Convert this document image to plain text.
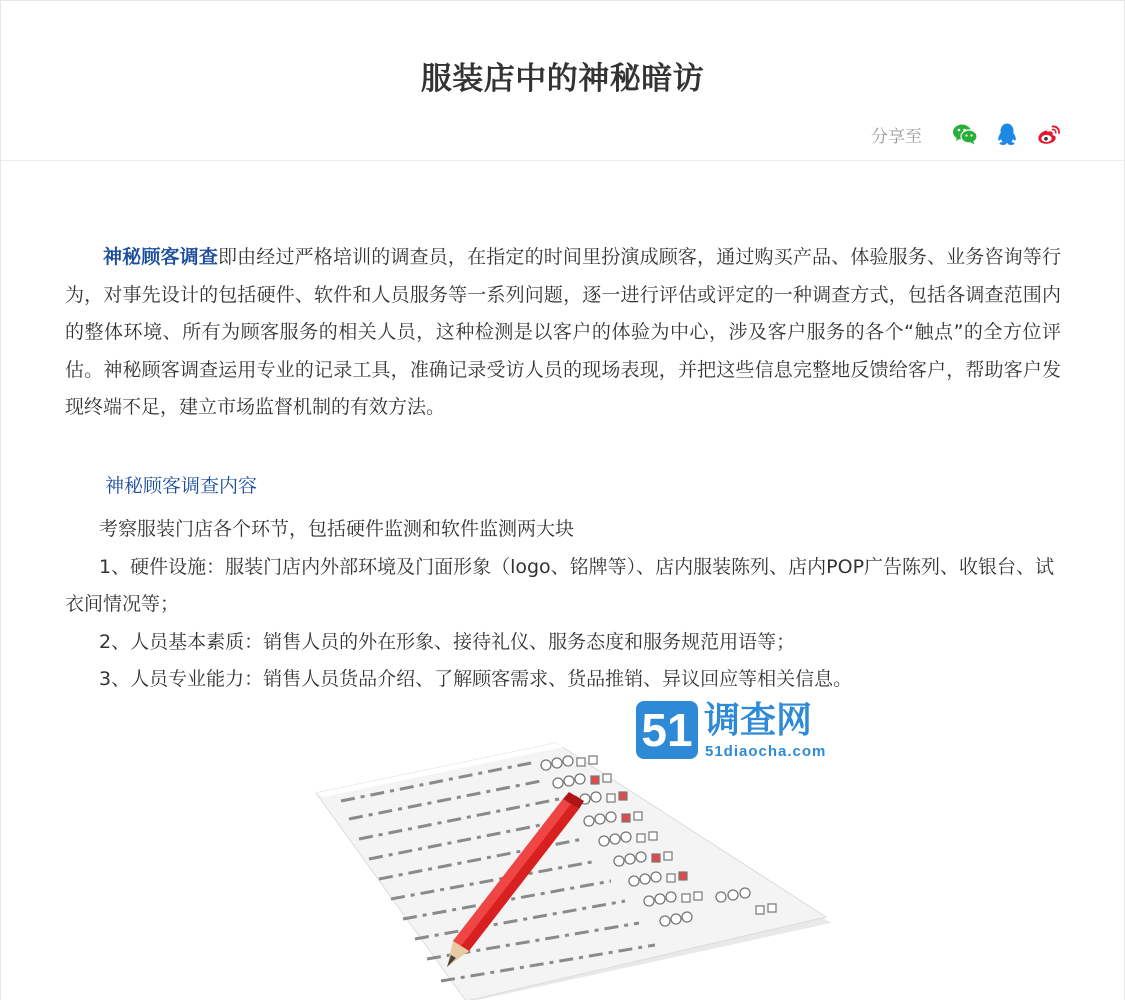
服装店中的神秘暗访
分享至

神秘顾客调查即由经过严格培训的调查员，在指定的时间里扮演成顾客，通过购买产品、体验服务、业务咨询等行为，对事先设计的包括硬件、软件和人员服务等一系列问题，逐一进行评估或评定的一种调查方式，包括各调查范围内的整体环境、所有为顾客服务的相关人员，这种检测是以客户的体验为中心，涉及客户服务的各个“触点”的全方位评估。神秘顾客调查运用专业的记录工具，准确记录受访人员的现场表现，并把这些信息完整地反馈给客户，帮助客户发现终端不足，建立市场监督机制的有效方法。

神秘顾客调查内容

考察服装门店各个环节，包括硬件监测和软件监测两大块

1、硬件设施：服装门店内外部环境及门面形象（logo、铭牌等）、店内服装陈列、店内POP广告陈列、收银台、试衣间情况等；

2、人员基本素质：销售人员的外在形象、接待礼仪、服务态度和服务规范用语等；

3、人员专业能力：销售人员货品介绍、了解顾客需求、货品推销、异议回应等相关信息。

51 调查网
51diaocha.com
